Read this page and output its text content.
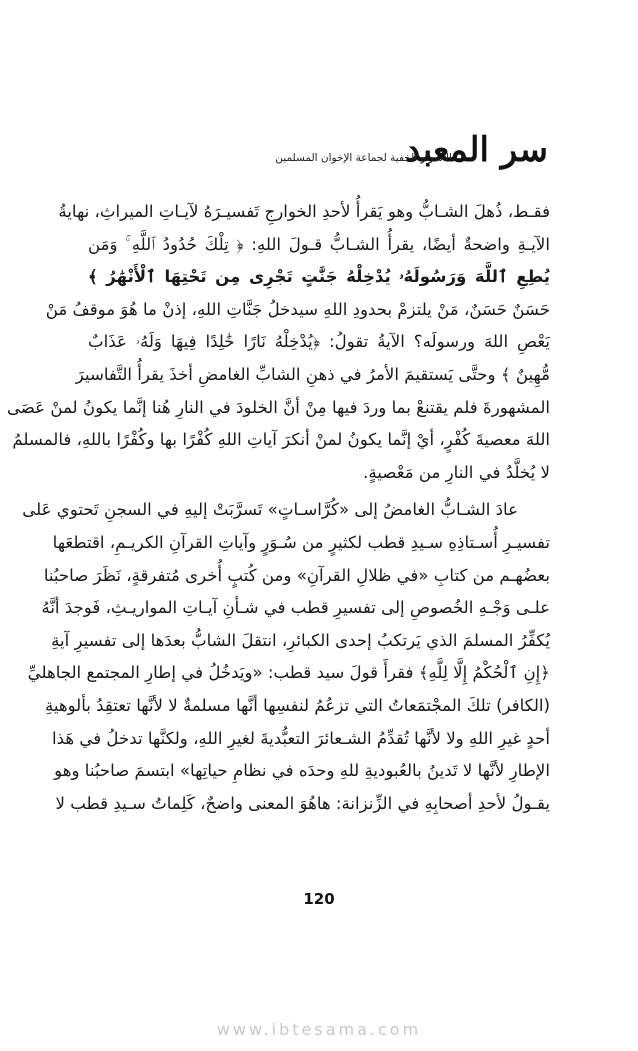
سر المعبد
الأسرار الخفية لجماعة الإخوان المسلمين
فقـط، ذُهلَ الشـابُّ وهو يَقرأُ لأحدِ الخوارجِ تَفسيـرَهُ لآيـاتِ الميراثِ، نهايةُ
الآيـةِ واضحةٌ أيضًا، يقرأُ الشـابُّ قـولَ اللهِ: ﴿ تِلْكَ حُدُودُ ٱللَّهِ ۚ وَمَن
يُطِعِ ٱللَّهَ وَرَسُولَهُۥ يُدْخِلْهُ جَنَّٰتٍ تَجْرِى مِن تَحْتِهَا ٱلْأَنْهَٰرُ ﴾
حَسَنٌ حَسَنٌ، مَنْ يلتزمْ بحدودِ اللهِ سيدخلُ جَنَّاتِ اللهِ، إذنْ ما هُوَ موقفُ مَنْ
يَعْصِ اللهَ ورسولَه؟ الآيةُ تقولُ: ﴿يُدْخِلْهُ نَارًا خَٰلِدًا فِيهَا وَلَهُۥ عَذَابٌ
مُّهِينٌ ﴾ وحتَّى يَستقيمَ الأمرُ في ذهنِ الشابِّ الغامضِ أخذَ يقرأُ التَّفاسيرَ
المشهورةَ فلم يقتنعْ بما وردَ فيها مِنْ أنَّ الخلودَ في النارِ هُنا إنَّما يكونُ لمنْ عَصَى
اللهَ معصيةَ كُفْرٍ، أيْ إنَّما يكونُ لمنْ أنكرَ آياتِ اللهِ كُفْرًا بها وكُفْرًا باللهِ، فالمسلمُ
لا يُخلَّدُ في النارِ من مَعْصيةٍ.
عادَ الشـابُّ الغامضُ إلى «كُرَّاسـاتٍ» تَسرَّبَتْ إليهِ في السجنِ تَحتوي عَلى
تفسيـرِ أُسـتاذِهِ سـيدِ قطب لكثيرٍ من سُـوَرٍ وآياتِ القرآنِ الكريـمِ، اقتطعَها
بعضُهـم من كتابِ «في ظلالِ القرآنِ» ومن كُتبٍ أُخرى مُتفرقةٍ، نَظَرَ صاحبُنا
علـى وَجْـهِ الخُصوصِ إلى تفسيرِ قطب في شـأنِ آيـاتِ المواريـثِ، فَوجدَ أنَّهُ
يُكفِّرُ المسلمَ الذي يَرتكبُ إحدى الكبائرِ، انتقلَ الشابُّ بعدَها إلى تفسيرِ آيةِ
﴿إِنِ ٱلْحُكْمُ إِلَّا لِلَّهِ﴾ فقرأَ قولَ سيد قطب: «ويَدخُلُ في إطارِ المجتمع الجاهليِّ
(الكافر) تلكَ المجْتمَعاتُ التي تزعُمُ لنفسِها أنَّها مسلمةٌ لا لأنَّها تعتقِدُ بألوهيةِ
أحدٍ غيرِ اللهِ ولا لأنَّها تُقدِّمُ الشـعائرَ التعبُّديةَ لغيرِ اللهِ، ولكنَّها تدخلُ في هَذا
الإطارِ لأنَّها لا تَدينُ بالعُبوديةِ للهِ وحدَه في نظامِ حياتِها» ابتسمَ صاحبُنا وهو
يقـولُ لأحدِ أصحابِهِ في الزِّنزانة: هاهُوَ المعنى واضحٌ، كَلِماتُ سـيدِ قطب لا
120
www.ibtesama.com
